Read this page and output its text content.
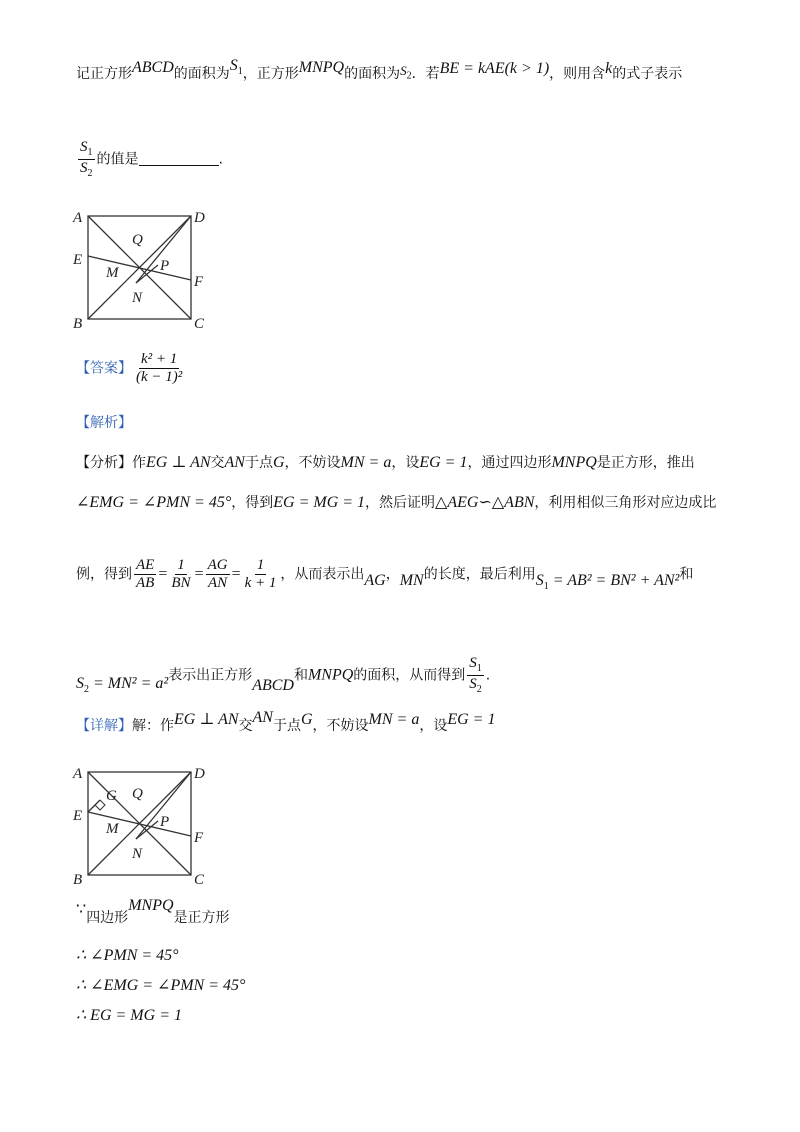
记正方形ABCD的面积为$S_1$，正方形MNPQ的面积为$S_2$．若BE = kAE(k > 1)，则用含k的式子表示
$\frac{S_1}{S_2}$ 的值是	.
A	D
E
F
B	C
Q
M	P
N
【答案】 $\frac{\text{k² + 1}}{\text{(k − 1)²}}$
【解析】
【分析】作EG ⊥ AN交AN于点G，不妨设MN = a，设EG = 1，通过四边形MNPQ是正方形，推出
∠EMG = ∠PMN = 45°，得到EG = MG = 1，然后证明△AEG∽△ABN，利用相似三角形对应边成比
例，得到 $\frac{AE}{AB} = \frac{1}{BN} = \frac{AG}{AN} = \frac{1}{k + 1}$ ，从而表示出AG，MN的长度，最后利用$S_1 = AB^2 = BN^2 + AN^2$和
$S_2 = MN^2 = a^2$表示出正方形ABCD和MNPQ的面积，从而得到 $\frac{S_1}{S_2}$ .
【详解】解：作EG ⊥ AN交AN于点G，不妨设MN = a，设EG = 1
A	D
E
F
B	C
G Q
M	P
N
∵四边形MNPQ是正方形
∴ ∠PMN = 45°
∴ ∠EMG = ∠PMN = 45°
∴ EG = MG = 1
